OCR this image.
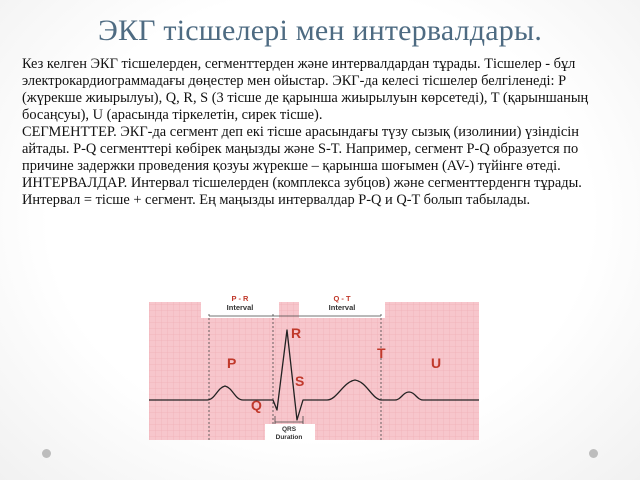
ЭКГ тісшелері мен интервалдары.

Кез келген ЭКГ тісшелерден, сегменттерден және интервалдардан тұрады. Тісшелер - бұл электрокардиограммадағы дөңестер мен ойыстар. ЭКГ-да келесі тісшелер белгіленеді: P (жүрекше жиырылуы), Q, R, S (3 тісше де қарынша жиырылуын көрсетеді), T (қарыншаның босаңсуы), U (арасында тіркелетін, сирек тісше).

СЕГМЕНТТЕР. ЭКГ-да сегмент деп екі тісше арасындағы түзу сызық (изолинии) үзіндісін айтады. P-Q сегменттері көбірек маңызды және S-T. Например, сегмент P-Q образуется по причине задержки проведения қозуы жүрекше – қарынша шоғымен (AV-) түйінге өтеді.

ИНТЕРВАЛДАР. Интервал тісшелерден (комплекса зубцов) және сегменттерденгн тұрады. Интервал = тісше + сегмент. Ең маңызды интервалдар P-Q и Q-T болып табылады.

P - R
Interval
Q - T
Interval
QRS
Duration
R
P
T
U
S
Q
